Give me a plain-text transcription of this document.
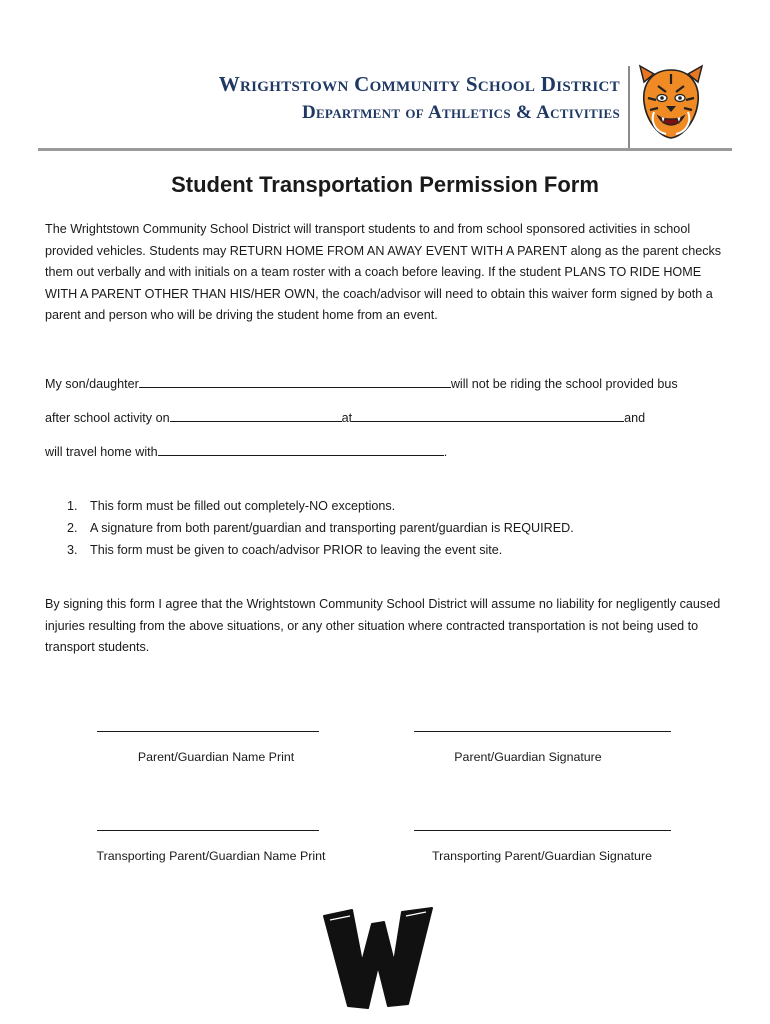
Wrightstown Community School District
Department of Athletics & Activities
Student Transportation Permission Form
The Wrightstown Community School District will transport students to and from school sponsored activities in school provided vehicles. Students may RETURN HOME FROM AN AWAY EVENT WITH A PARENT along as the parent checks them out verbally and with initials on a team roster with a coach before leaving. If the student PLANS TO RIDE HOME WITH A PARENT OTHER THAN HIS/HER OWN, the coach/advisor will need to obtain this waiver form signed by both a parent and person who will be driving the student home from an event.
My son/daughter	will not be riding the school provided bus
after school activity on	at	and
will travel home with	.
1. This form must be filled out completely-NO exceptions.
2. A signature from both parent/guardian and transporting parent/guardian is REQUIRED.
3. This form must be given to coach/advisor PRIOR to leaving the event site.
By signing this form I agree that the Wrightstown Community School District will assume no liability for negligently caused injuries resulting from the above situations, or any other situation where contracted transportation is not being used to transport students.
Parent/Guardian Name Print	Parent/Guardian Signature
Transporting Parent/Guardian Name Print	Transporting Parent/Guardian Signature
